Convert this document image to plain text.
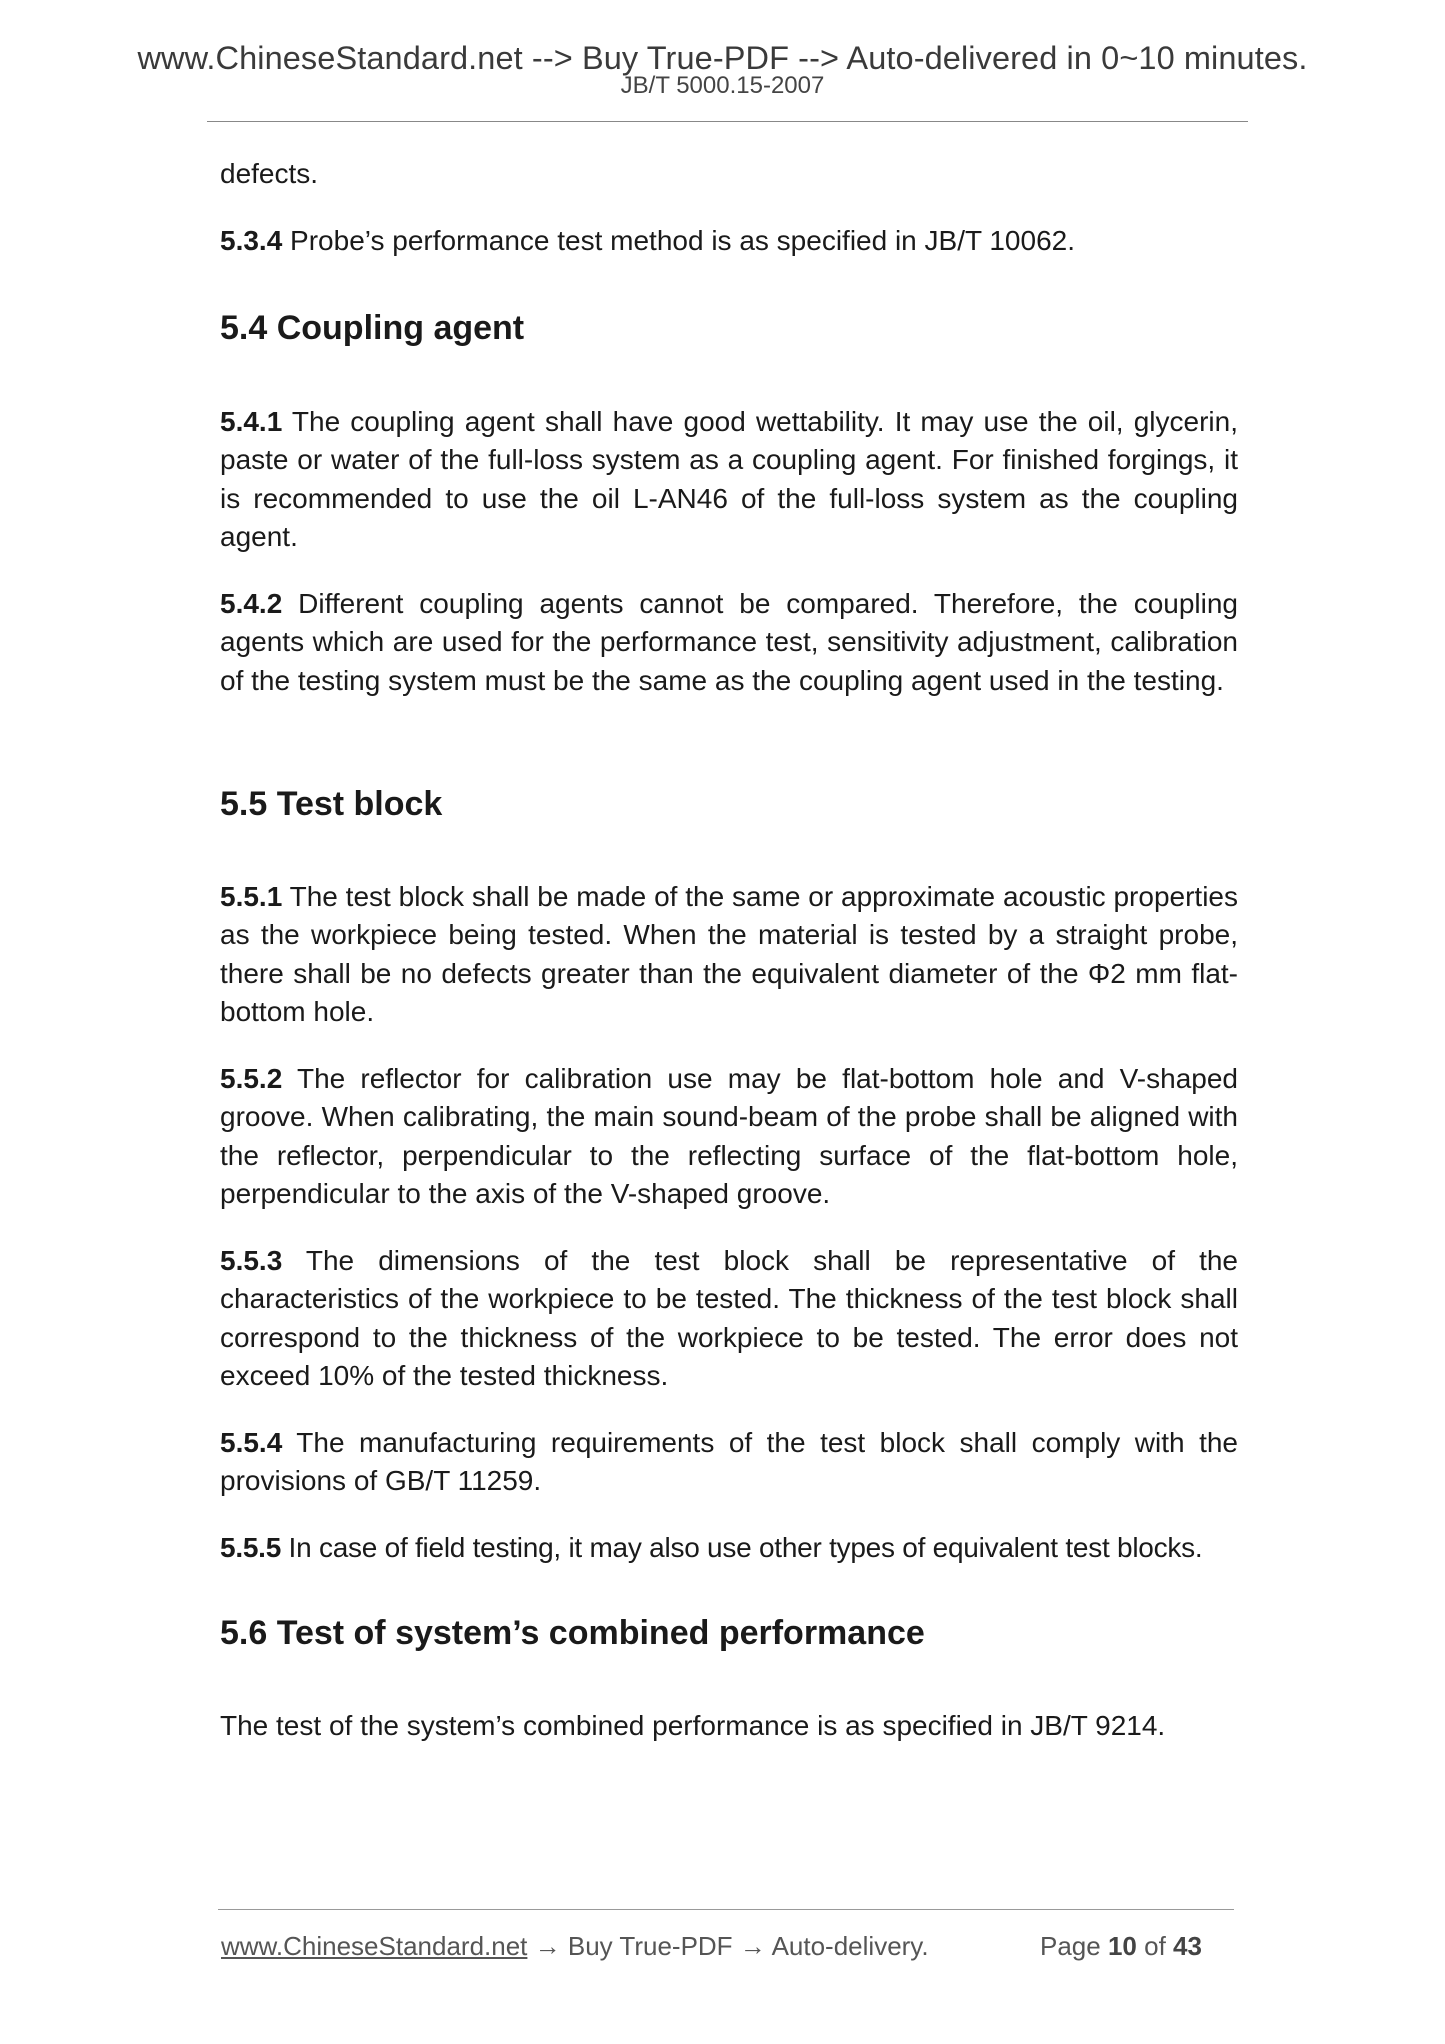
www.ChineseStandard.net --> Buy True-PDF --> Auto-delivered in 0~10 minutes.
JB/T 5000.15-2007

defects.

5.3.4 Probe’s performance test method is as specified in JB/T 10062.

5.4 Coupling agent

5.4.1 The coupling agent shall have good wettability. It may use the oil, glycerin, paste or water of the full-loss system as a coupling agent. For finished forgings, it is recommended to use the oil L-AN46 of the full-loss system as the coupling agent.

5.4.2 Different coupling agents cannot be compared. Therefore, the coupling agents which are used for the performance test, sensitivity adjustment, calibration of the testing system must be the same as the coupling agent used in the testing.

5.5 Test block

5.5.1 The test block shall be made of the same or approximate acoustic properties as the workpiece being tested. When the material is tested by a straight probe, there shall be no defects greater than the equivalent diameter of the Φ2 mm flat-bottom hole.

5.5.2 The reflector for calibration use may be flat-bottom hole and V-shaped groove. When calibrating, the main sound-beam of the probe shall be aligned with the reflector, perpendicular to the reflecting surface of the flat-bottom hole, perpendicular to the axis of the V-shaped groove.

5.5.3 The dimensions of the test block shall be representative of the characteristics of the workpiece to be tested. The thickness of the test block shall correspond to the thickness of the workpiece to be tested. The error does not exceed 10% of the tested thickness.

5.5.4 The manufacturing requirements of the test block shall comply with the provisions of GB/T 11259.

5.5.5 In case of field testing, it may also use other types of equivalent test blocks.

5.6 Test of system’s combined performance

The test of the system’s combined performance is as specified in JB/T 9214.

www.ChineseStandard.net → Buy True-PDF → Auto-delivery.	Page 10 of 43
